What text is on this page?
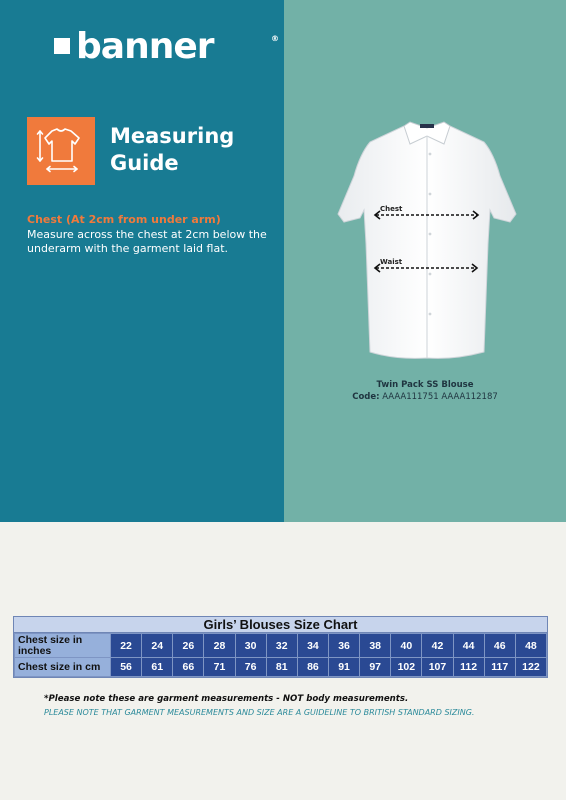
banner	®
Measuring
Guide
Chest (At 2cm from under arm)
Measure across the chest at 2cm below the underarm with the garment laid flat.
Chest
Waist
Twin Pack SS Blouse
Code: AAAA111751 AAAA112187
Girls’ Blouses Size Chart
Chest size in inches	22	24	26	28	30	32	34	36	38	40	42	44	46	48
Chest size in cm	56	61	66	71	76	81	86	91	97	102	107	112	117	122
*Please note these are garment measurements - NOT body measurements.
PLEASE NOTE THAT GARMENT MEASUREMENTS AND SIZE ARE A GUIDELINE TO BRITISH STANDARD SIZING.
